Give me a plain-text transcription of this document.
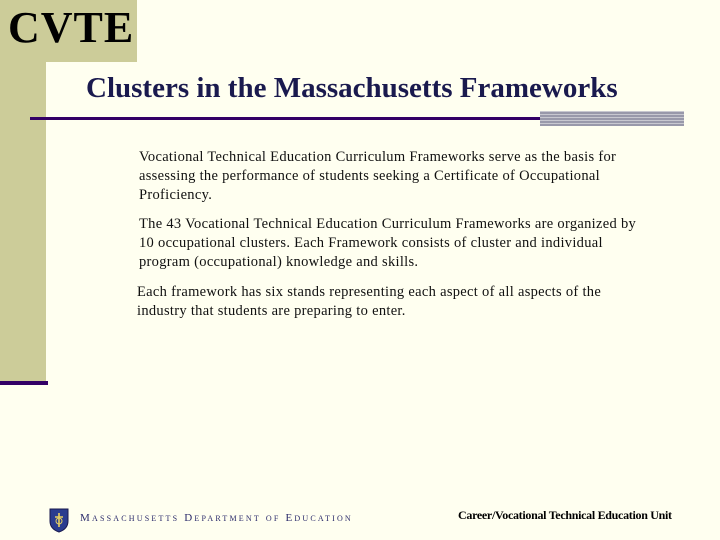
CVTE
Clusters in the Massachusetts Frameworks
Vocational Technical Education Curriculum Frameworks serve as the basis for assessing the performance of students seeking a Certificate of Occupational Proficiency.
The 43 Vocational Technical Education Curriculum Frameworks are organized by 10 occupational clusters. Each Framework consists of cluster and individual program (occupational) knowledge and skills.
Each framework has six stands representing each aspect of all aspects of the industry that students are preparing to enter.
Massachusetts Department of Education	Career/Vocational Technical Education Unit
